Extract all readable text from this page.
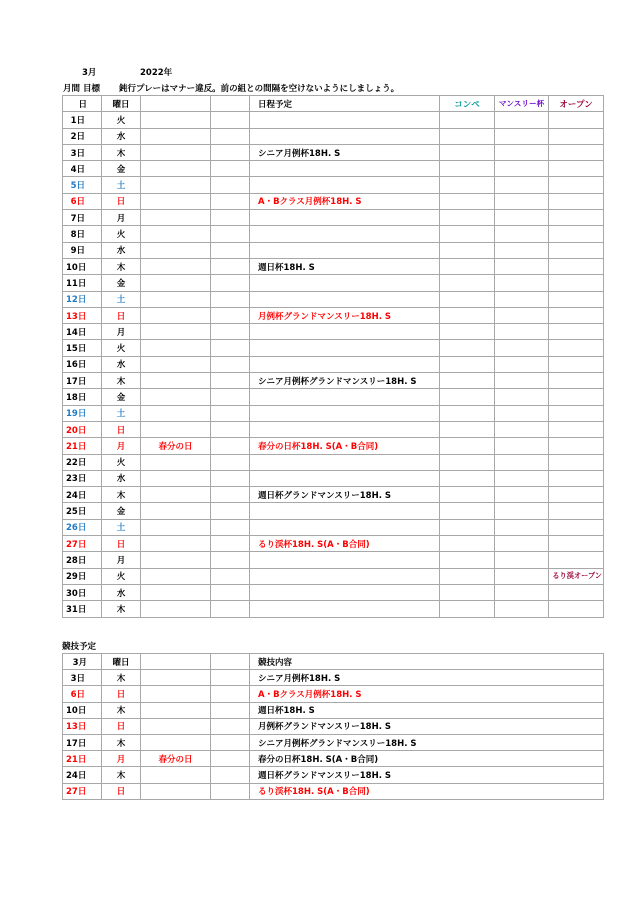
3月	2022年
月間 目標 鈍行プレーはマナー違反。前の組との間隔を空けないようにしましょう。
日	曜日			日程予定	コンペ	マンスリー杯	オープン
1日	火						
2日	水						
3日	木			シニア月例杯18H. S			
4日	金						
5日	土						
6日	日			A・Bクラス月例杯18H. S			
7日	月						
8日	火						
9日	水						
10日	木			週日杯18H. S			
11日	金						
12日	土						
13日	日			月例杯グランドマンスリー18H. S			
14日	月						
15日	火						
16日	水						
17日	木			シニア月例杯グランドマンスリー18H. S			
18日	金						
19日	土						
20日	日						
21日	月	春分の日		春分の日杯18H. S(A・B合同)			
22日	火						
23日	水						
24日	木			週日杯グランドマンスリー18H. S			
25日	金						
26日	土						
27日	日			るり渓杯18H. S(A・B合同)			
28日	月						
29日	火						るり渓オープン
30日	水						
31日	木						
競技予定
3月	曜日			競技内容
3日	木			シニア月例杯18H. S
6日	日			A・Bクラス月例杯18H. S
10日	木			週日杯18H. S
13日	日			月例杯グランドマンスリー18H. S
17日	木			シニア月例杯グランドマンスリー18H. S
21日	月	春分の日		春分の日杯18H. S(A・B合同)
24日	木			週日杯グランドマンスリー18H. S
27日	日			るり渓杯18H. S(A・B合同)
